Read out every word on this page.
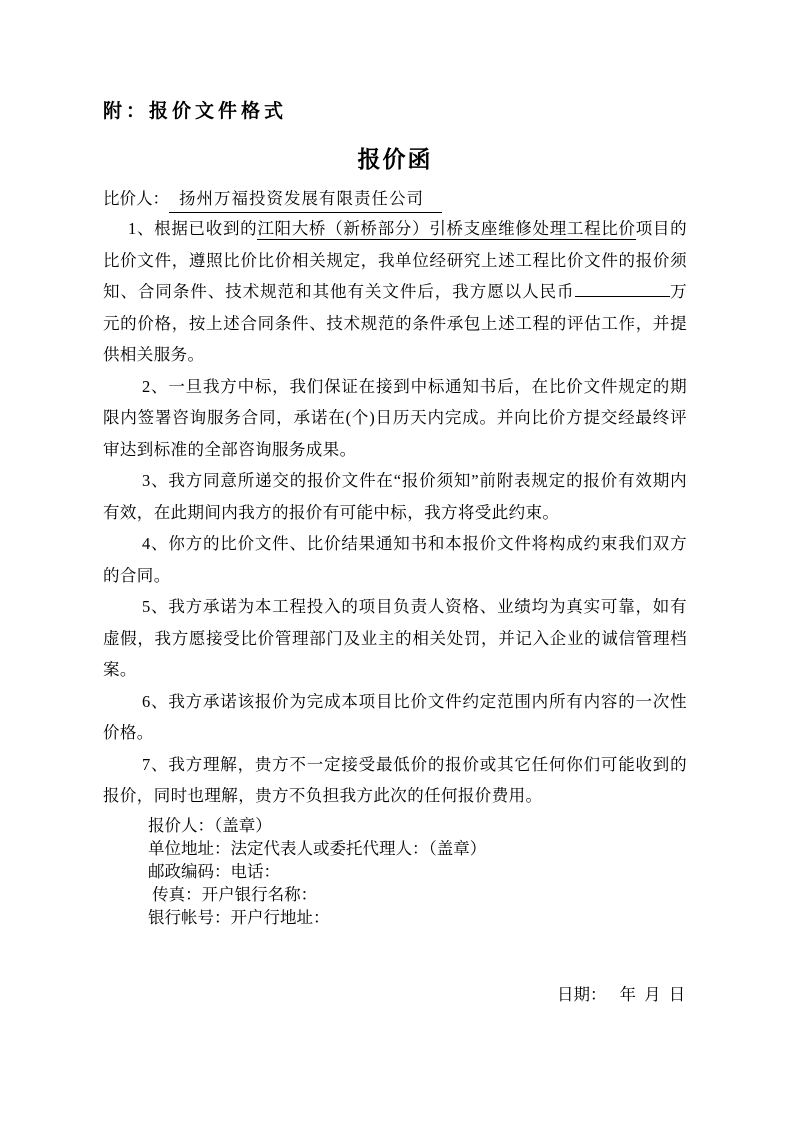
附：报价文件格式
报价函
比价人： 扬州万福投资发展有限责任公司

1、根据已收到的江阳大桥（新桥部分）引桥支座维修处理工程比价项目的比价文件，遵照比价比价相关规定，我单位经研究上述工程比价文件的报价须知、合同条件、技术规范和其他有关文件后，我方愿以人民币	万元的价格，按上述合同条件、技术规范的条件承包上述工程的评估工作，并提供相关服务。

2、一旦我方中标，我们保证在接到中标通知书后，在比价文件规定的期限内签署咨询服务合同，承诺在(个)日历天内完成。并向比价方提交经最终评审达到标准的全部咨询服务成果。

3、我方同意所递交的报价文件在“报价须知”前附表规定的报价有效期内有效，在此期间内我方的报价有可能中标，我方将受此约束。

4、你方的比价文件、比价结果通知书和本报价文件将构成约束我们双方的合同。

5、我方承诺为本工程投入的项目负责人资格、业绩均为真实可靠，如有虚假，我方愿接受比价管理部门及业主的相关处罚，并记入企业的诚信管理档案。

6、我方承诺该报价为完成本项目比价文件约定范围内所有内容的一次性价格。

7、我方理解，贵方不一定接受最低价的报价或其它任何你们可能收到的报价，同时也理解，贵方不负担我方此次的任何报价费用。

报价人：（盖章）
单位地址：法定代表人或委托代理人：（盖章）
邮政编码：电话：
传真：开户银行名称：
银行帐号：开户行地址：
日期： 年 月 日
